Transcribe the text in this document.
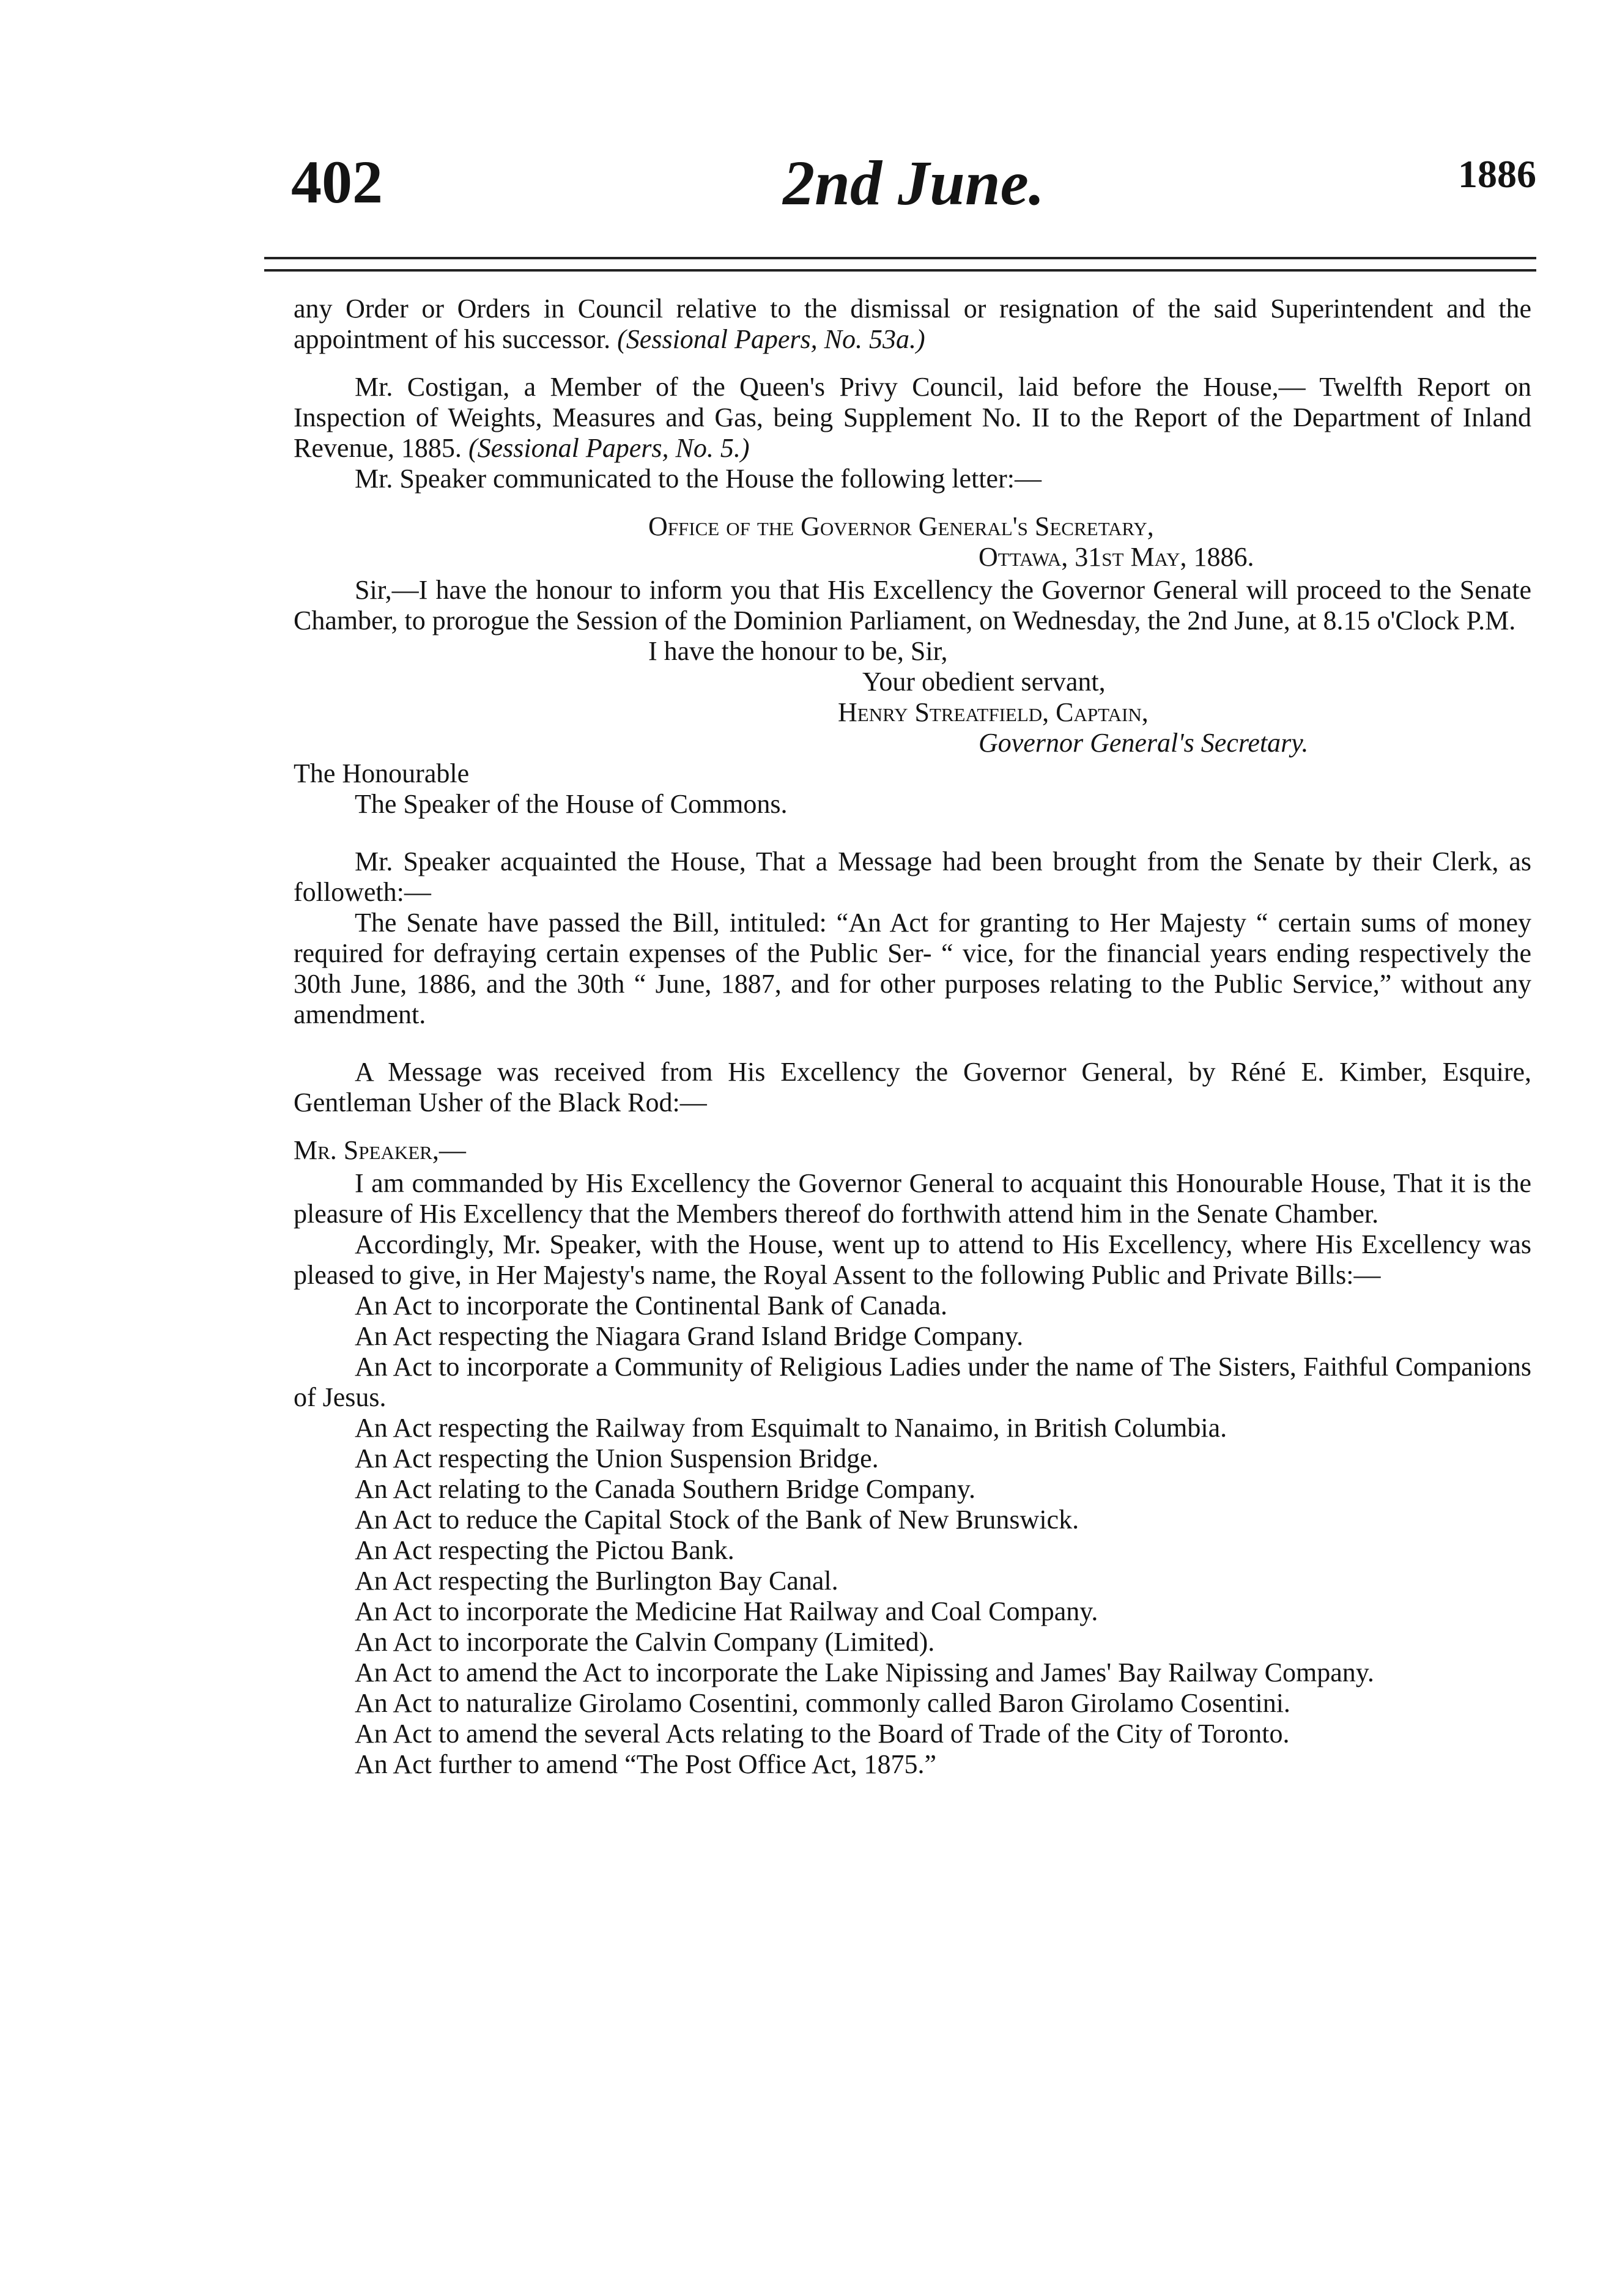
402	2nd June.	1886

any Order or Orders in Council relative to the dismissal or resignation of the said Superintendent and the appointment of his successor. (Sessional Papers, No. 53a.)

Mr. Costigan, a Member of the Queen's Privy Council, laid before the House,— Twelfth Report on Inspection of Weights, Measures and Gas, being Supplement No. II to the Report of the Department of Inland Revenue, 1885. (Sessional Papers, No. 5.)

Mr. Speaker communicated to the House the following letter:—

Office of the Governor General's Secretary,

Ottawa, 31st May, 1886.

Sir,—I have the honour to inform you that His Excellency the Governor General will proceed to the Senate Chamber, to prorogue the Session of the Dominion Parliament, on Wednesday, the 2nd June, at 8.15 o'Clock P.M.

I have the honour to be, Sir,

Your obedient servant,

Henry Streatfield, Captain,

Governor General's Secretary.

The Honourable

The Speaker of the House of Commons.

Mr. Speaker acquainted the House, That a Message had been brought from the Senate by their Clerk, as followeth:—

The Senate have passed the Bill, intituled: “An Act for granting to Her Majesty “ certain sums of money required for defraying certain expenses of the Public Ser- “ vice, for the financial years ending respectively the 30th June, 1886, and the 30th “ June, 1887, and for other purposes relating to the Public Service,” without any amendment.

A Message was received from His Excellency the Governor General, by Réné E. Kimber, Esquire, Gentleman Usher of the Black Rod:—

Mr. Speaker,—

I am commanded by His Excellency the Governor General to acquaint this Honourable House, That it is the pleasure of His Excellency that the Members thereof do forthwith attend him in the Senate Chamber.

Accordingly, Mr. Speaker, with the House, went up to attend to His Excellency, where His Excellency was pleased to give, in Her Majesty's name, the Royal Assent to the following Public and Private Bills:—

An Act to incorporate the Continental Bank of Canada.

An Act respecting the Niagara Grand Island Bridge Company.

An Act to incorporate a Community of Religious Ladies under the name of The Sisters, Faithful Companions of Jesus.

An Act respecting the Railway from Esquimalt to Nanaimo, in British Columbia.

An Act respecting the Union Suspension Bridge.

An Act relating to the Canada Southern Bridge Company.

An Act to reduce the Capital Stock of the Bank of New Brunswick.

An Act respecting the Pictou Bank.

An Act respecting the Burlington Bay Canal.

An Act to incorporate the Medicine Hat Railway and Coal Company.

An Act to incorporate the Calvin Company (Limited).

An Act to amend the Act to incorporate the Lake Nipissing and James' Bay Railway Company.

An Act to naturalize Girolamo Cosentini, commonly called Baron Girolamo Cosentini.

An Act to amend the several Acts relating to the Board of Trade of the City of Toronto.

An Act further to amend “The Post Office Act, 1875.”
